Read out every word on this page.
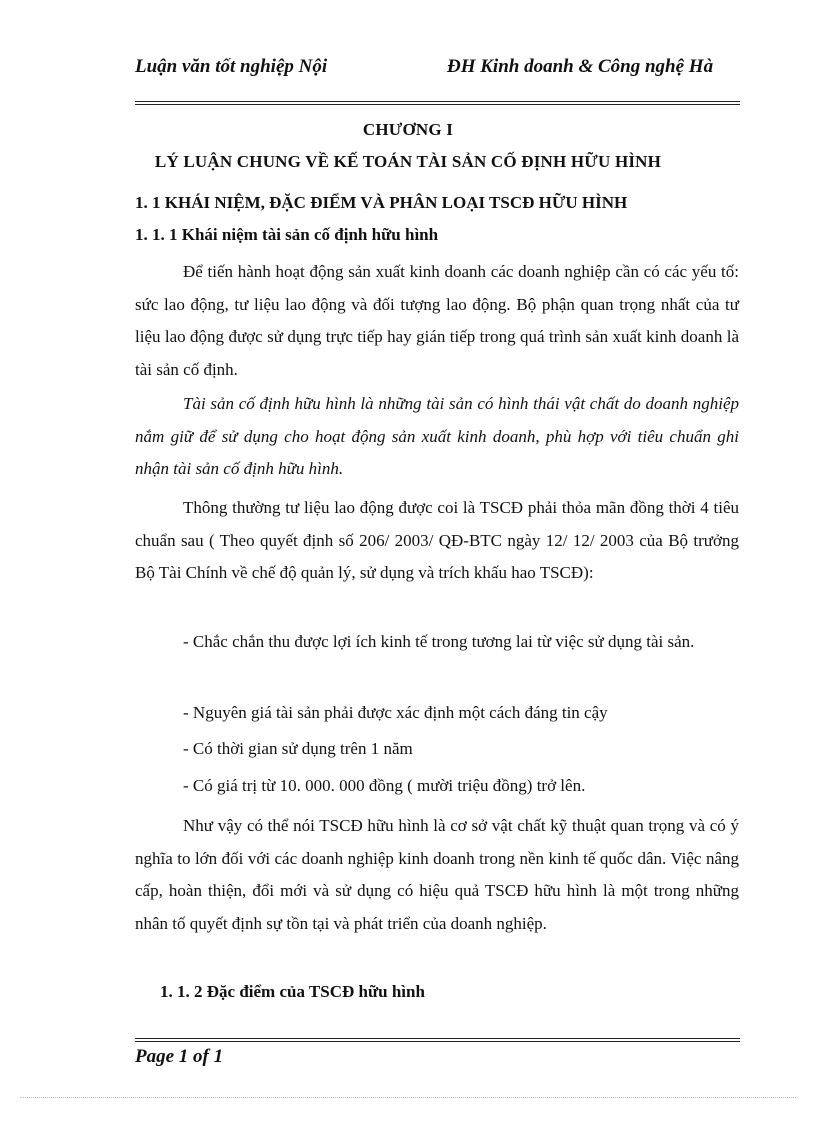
Luận văn tốt nghiệp Nội	ĐH Kinh doanh & Công nghệ Hà
CHƯƠNG I
LÝ LUẬN CHUNG VỀ KẾ TOÁN TÀI SẢN CỐ ĐỊNH HỮU HÌNH
1. 1 KHÁI NIỆM, ĐẶC ĐIỂM VÀ PHÂN LOẠI TSCĐ HỮU HÌNH
1. 1. 1 Khái niệm tài sản cố định hữu hình

Để tiến hành hoạt động sản xuất kinh doanh các doanh nghiệp cần có các yếu tố: sức lao động, tư liệu lao động và đối tượng lao động. Bộ phận quan trọng nhất của tư liệu lao động được sử dụng trực tiếp hay gián tiếp trong quá trình sản xuất kinh doanh là tài sản cố định.

Tài sản cố định hữu hình là những tài sản có hình thái vật chất do doanh nghiệp nắm giữ để sử dụng cho hoạt động sản xuất kinh doanh, phù hợp với tiêu chuẩn ghi nhận tài sản cố định hữu hình.

Thông thường tư liệu lao động được coi là TSCĐ phải thỏa mãn đồng thời 4 tiêu chuẩn sau ( Theo quyết định số 206/ 2003/ QĐ-BTC ngày 12/ 12/ 2003 của Bộ trưởng Bộ Tài Chính về chế độ quản lý, sử dụng và trích khấu hao TSCĐ):

- Chắc chắn thu được lợi ích kinh tế trong tương lai từ việc sử dụng tài sản.

- Nguyên giá tài sản phải được xác định một cách đáng tin cậy

- Có thời gian sử dụng trên 1 năm

- Có giá trị từ 10. 000. 000 đồng ( mười triệu đồng) trở lên.

Như vậy có thể nói TSCĐ hữu hình là cơ sở vật chất kỹ thuật quan trọng và có ý nghĩa to lớn đối với các doanh nghiệp kinh doanh trong nền kinh tế quốc dân. Việc nâng cấp, hoàn thiện, đổi mới và sử dụng có hiệu quả TSCĐ hữu hình là một trong những nhân tố quyết định sự tồn tại và phát triển của doanh nghiệp.

1. 1. 2 Đặc điểm của TSCĐ hữu hình
Page 1 of 1
